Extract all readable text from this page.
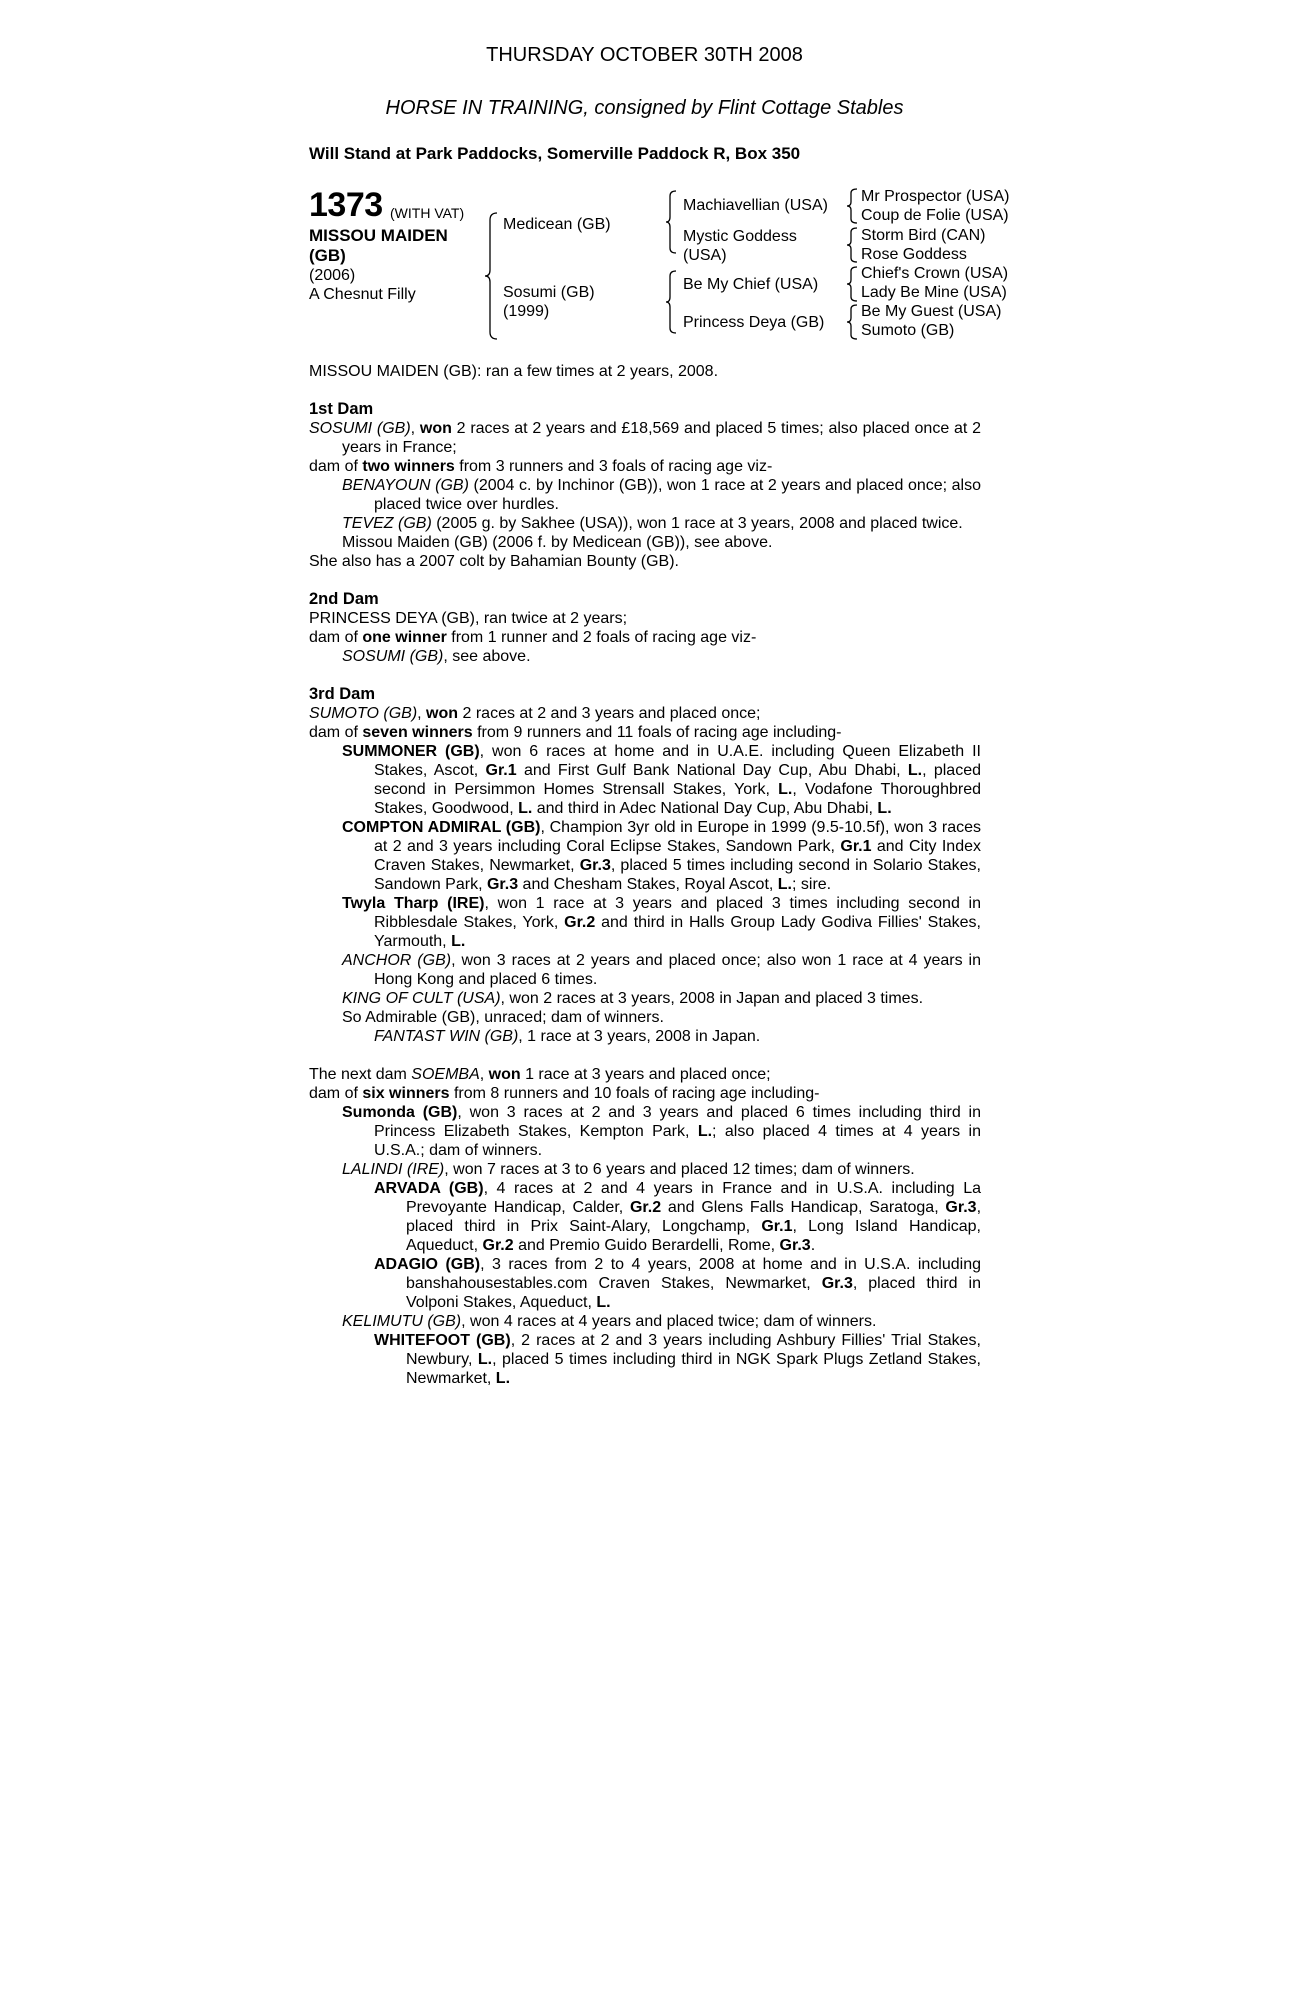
THURSDAY OCTOBER 30TH 2008
HORSE IN TRAINING, consigned by Flint Cottage Stables
Will Stand at Park Paddocks, Somerville Paddock R, Box 350
1373 (WITH VAT)
MISSOU MAIDEN
(GB)
(2006)
A Chesnut Filly
Medicean (GB)
Sosumi (GB)
(1999)
Machiavellian (USA)
Mystic Goddess
(USA)
Be My Chief (USA)
Princess Deya (GB)
Mr Prospector (USA)
Coup de Folie (USA)
Storm Bird (CAN)
Rose Goddess
Chief's Crown (USA)
Lady Be Mine (USA)
Be My Guest (USA)
Sumoto (GB)

MISSOU MAIDEN (GB): ran a few times at 2 years, 2008.

1st Dam

SOSUMI (GB), won 2 races at 2 years and £18,569 and placed 5 times; also placed once at 2 years in France;

dam of two winners from 3 runners and 3 foals of racing age viz-

BENAYOUN (GB) (2004 c. by Inchinor (GB)), won 1 race at 2 years and placed once; also placed twice over hurdles.

TEVEZ (GB) (2005 g. by Sakhee (USA)), won 1 race at 3 years, 2008 and placed twice.

Missou Maiden (GB) (2006 f. by Medicean (GB)), see above.

She also has a 2007 colt by Bahamian Bounty (GB).

2nd Dam

PRINCESS DEYA (GB), ran twice at 2 years;

dam of one winner from 1 runner and 2 foals of racing age viz-

SOSUMI (GB), see above.

3rd Dam

SUMOTO (GB), won 2 races at 2 and 3 years and placed once;

dam of seven winners from 9 runners and 11 foals of racing age including-

SUMMONER (GB), won 6 races at home and in U.A.E. including Queen Elizabeth II Stakes, Ascot, Gr.1 and First Gulf Bank National Day Cup, Abu Dhabi, L., placed second in Persimmon Homes Strensall Stakes, York, L., Vodafone Thoroughbred Stakes, Goodwood, L. and third in Adec National Day Cup, Abu Dhabi, L.

COMPTON ADMIRAL (GB), Champion 3yr old in Europe in 1999 (9.5-10.5f), won 3 races at 2 and 3 years including Coral Eclipse Stakes, Sandown Park, Gr.1 and City Index Craven Stakes, Newmarket, Gr.3, placed 5 times including second in Solario Stakes, Sandown Park, Gr.3 and Chesham Stakes, Royal Ascot, L.; sire.

Twyla Tharp (IRE), won 1 race at 3 years and placed 3 times including second in Ribblesdale Stakes, York, Gr.2 and third in Halls Group Lady Godiva Fillies' Stakes, Yarmouth, L.

ANCHOR (GB), won 3 races at 2 years and placed once; also won 1 race at 4 years in Hong Kong and placed 6 times.

KING OF CULT (USA), won 2 races at 3 years, 2008 in Japan and placed 3 times.

So Admirable (GB), unraced; dam of winners.

FANTAST WIN (GB), 1 race at 3 years, 2008 in Japan.

The next dam SOEMBA, won 1 race at 3 years and placed once;

dam of six winners from 8 runners and 10 foals of racing age including-

Sumonda (GB), won 3 races at 2 and 3 years and placed 6 times including third in Princess Elizabeth Stakes, Kempton Park, L.; also placed 4 times at 4 years in U.S.A.; dam of winners.

LALINDI (IRE), won 7 races at 3 to 6 years and placed 12 times; dam of winners.

ARVADA (GB), 4 races at 2 and 4 years in France and in U.S.A. including La Prevoyante Handicap, Calder, Gr.2 and Glens Falls Handicap, Saratoga, Gr.3, placed third in Prix Saint-Alary, Longchamp, Gr.1, Long Island Handicap, Aqueduct, Gr.2 and Premio Guido Berardelli, Rome, Gr.3.

ADAGIO (GB), 3 races from 2 to 4 years, 2008 at home and in U.S.A. including banshahousestables.com Craven Stakes, Newmarket, Gr.3, placed third in Volponi Stakes, Aqueduct, L.

KELIMUTU (GB), won 4 races at 4 years and placed twice; dam of winners.

WHITEFOOT (GB), 2 races at 2 and 3 years including Ashbury Fillies' Trial Stakes, Newbury, L., placed 5 times including third in NGK Spark Plugs Zetland Stakes, Newmarket, L.
